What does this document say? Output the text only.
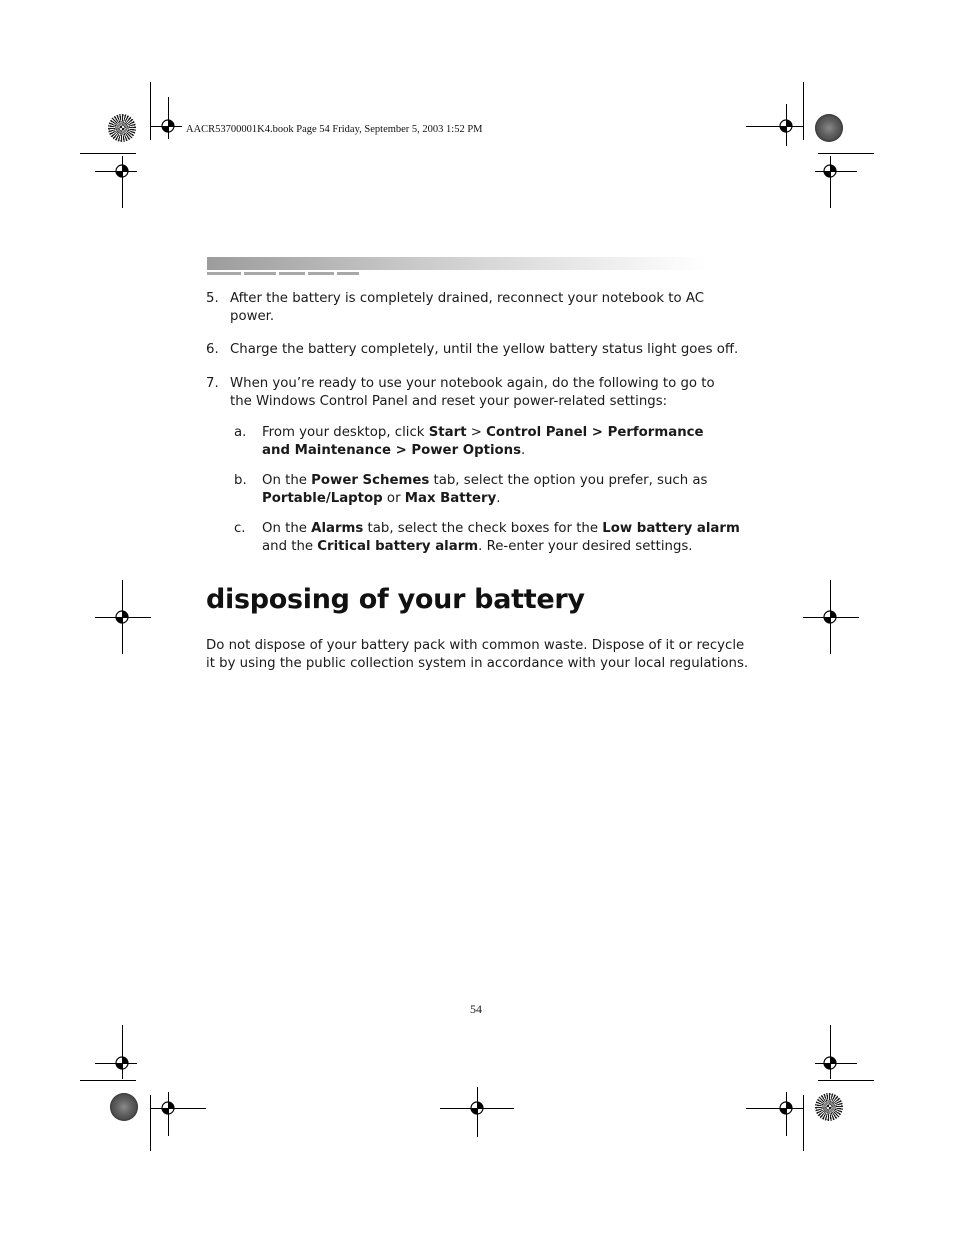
AACR53700001K4.book Page 54 Friday, September 5, 2003 1:52 PM
5. After the battery is completely drained, reconnect your notebook to AC power.
6. Charge the battery completely, until the yellow battery status light goes off.
7. When you’re ready to use your notebook again, do the following to go to the Windows Control Panel and reset your power-related settings:
a.	From your desktop, click Start > Control Panel > Performance and Maintenance > Power Options.
b.	On the Power Schemes tab, select the option you prefer, such as Portable/Laptop or Max Battery.
c.	On the Alarms tab, select the check boxes for the Low battery alarm and the Critical battery alarm. Re-enter your desired settings.
disposing of your battery
Do not dispose of your battery pack with common waste. Dispose of it or recycle it by using the public collection system in accordance with your local regulations.
54
